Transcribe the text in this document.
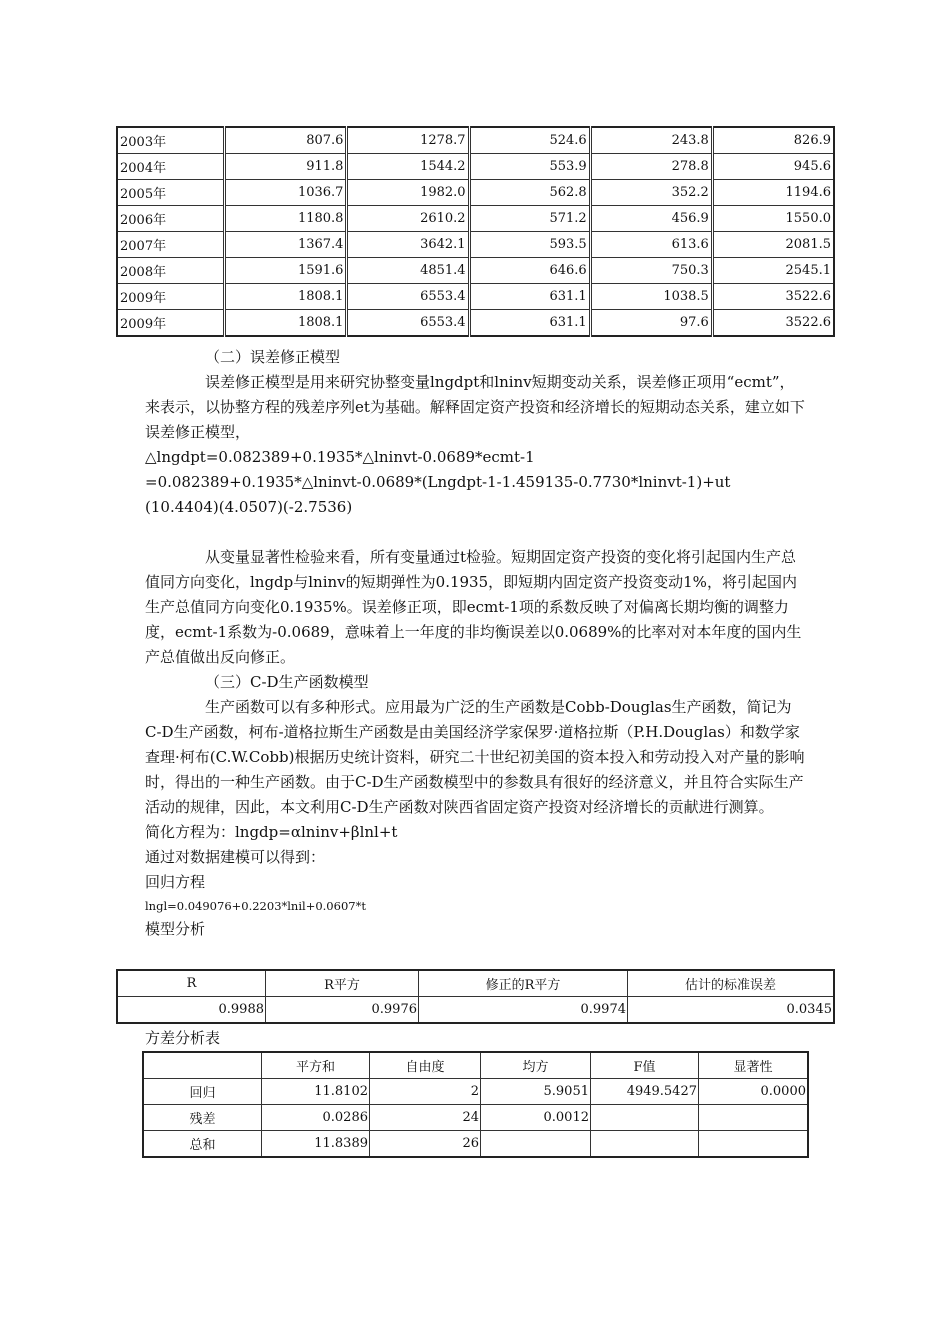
2003年	807.6	1278.7	524.6	243.8	826.9
2004年	911.8	1544.2	553.9	278.8	945.6
2005年	1036.7	1982.0	562.8	352.2	1194.6
2006年	1180.8	2610.2	571.2	456.9	1550.0
2007年	1367.4	3642.1	593.5	613.6	2081.5
2008年	1591.6	4851.4	646.6	750.3	2545.1
2009年	1808.1	6553.4	631.1	1038.5	3522.6
2009年	1808.1	6553.4	631.1	97.6	3522.6

（二）误差修正模型

误差修正模型是用来研究协整变量lngdpt和lninv短期变动关系，误差修正项用“ecmt”，来表示，以协整方程的残差序列et为基础。解释固定资产投资和经济增长的短期动态关系，建立如下误差修正模型，

△lngdpt=0.082389+0.1935*△lninvt-0.0689*ecmt-1

=0.082389+0.1935*△lninvt-0.0689*(Lngdpt-1-1.459135-0.7730*lninvt-1)+ut

(10.4404)(4.0507)(-2.7536)

从变量显著性检验来看，所有变量通过t检验。短期固定资产投资的变化将引起国内生产总值同方向变化，lngdp与lninv的短期弹性为0.1935，即短期内固定资产投资变动1%，将引起国内生产总值同方向变化0.1935%。误差修正项，即ecmt-1项的系数反映了对偏离长期均衡的调整力度，ecmt-1系数为-0.0689，意味着上一年度的非均衡误差以0.0689%的比率对对本年度的国内生产总值做出反向修正。

（三）C-D生产函数模型

生产函数可以有多种形式。应用最为广泛的生产函数是Cobb-Douglas生产函数，简记为C-D生产函数，柯布-道格拉斯生产函数是由美国经济学家保罗·道格拉斯（P.H.Douglas）和数学家查理·柯布(C.W.Cobb)根据历史统计资料，研究二十世纪初美国的资本投入和劳动投入对产量的影响时，得出的一种生产函数。由于C-D生产函数模型中的参数具有很好的经济意义，并且符合实际生产活动的规律，因此，本文利用C-D生产函数对陕西省固定资产投资对经济增长的贡献进行测算。

简化方程为：lngdp=αlninv+βlnl+t

通过对数据建模可以得到：

回归方程

lngl=0.049076+0.2203*lnil+0.0607*t

模型分析

R	R平方	修正的R平方	估计的标准误差
0.9988	0.9976	0.9974	0.0345

方差分析表

	平方和	自由度	均方	F值	显著性
回归	11.8102	2	5.9051	4949.5427	0.0000
残差	0.0286	24	0.0012		
总和	11.8389	26			
